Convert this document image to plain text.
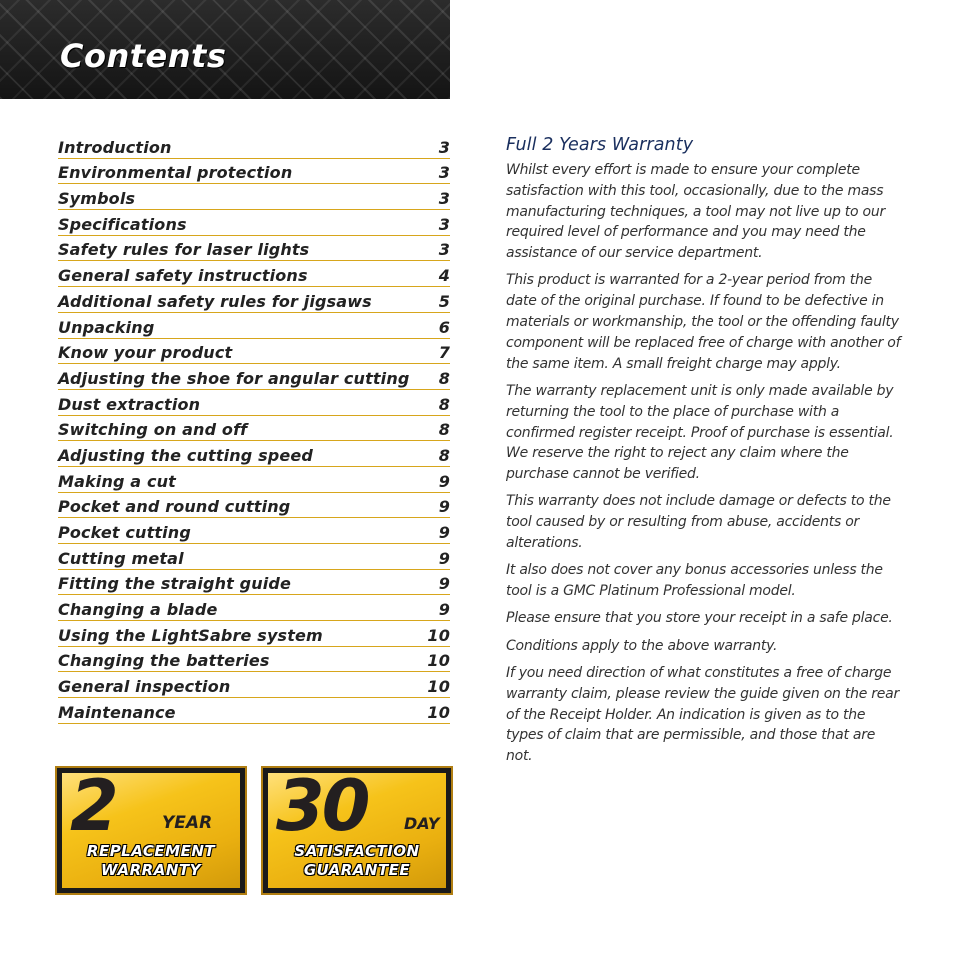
Contents
Introduction	3
Environmental protection	3
Symbols	3
Specifications	3
Safety rules for laser lights	3
General safety instructions	4
Additional safety rules for jigsaws	5
Unpacking	6
Know your product	7
Adjusting the shoe for angular cutting 8
Dust extraction	8
Switching on and off	8
Adjusting the cutting speed	8
Making a cut	9
Pocket and round cutting	9
Pocket cutting	9
Cutting metal	9
Fitting the straight guide	9
Changing a blade	9
Using the LightSabre system	10
Changing the batteries	10
General inspection	10
Maintenance	10
2	YEAR
REPLACEMENT
WARRANTY
30 DAY
SATISFACTION
GUARANTEE
Full 2 Years Warranty

Whilst every effort is made to ensure your complete satisfaction with this tool, occasionally, due to the mass manufacturing techniques, a tool may not live up to our required level of performance and you may need the assistance of our service department.

This product is warranted for a 2-year period from the date of the original purchase. If found to be defective in materials or workmanship, the tool or the offending faulty component will be replaced free of charge with another of the same item. A small freight charge may apply.

The warranty replacement unit is only made available by returning the tool to the place of purchase with a confirmed register receipt. Proof of purchase is essential. We reserve the right to reject any claim where the purchase cannot be verified.

This warranty does not include damage or defects to the tool caused by or resulting from abuse, accidents or alterations.

It also does not cover any bonus accessories unless the tool is a GMC Platinum Professional model.

Please ensure that you store your receipt in a safe place.

Conditions apply to the above warranty.

If you need direction of what constitutes a free of charge warranty claim, please review the guide given on the rear of the Receipt Holder. An indication is given as to the types of claim that are permissible, and those that are not.
